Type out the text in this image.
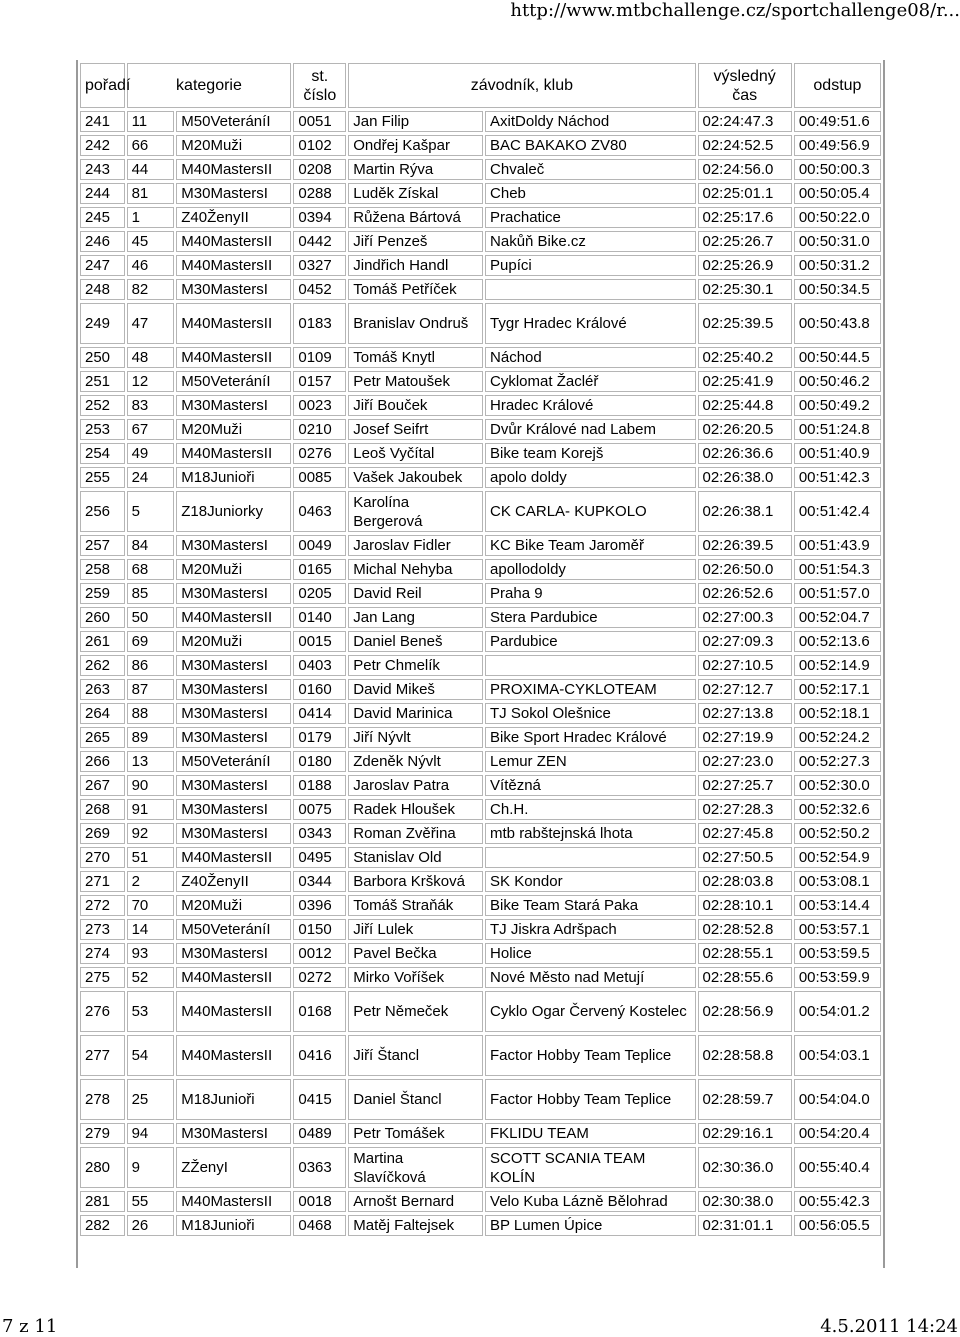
http://www.mtbchallenge.cz/sportchallenge08/r...
pořadí	kategorie		st. číslo	závodník, klub		výsledný čas	odstup
241	11	M50VeteráníI	0051	Jan Filip	AxitDoldy Náchod	02:24:47.3	00:49:51.6
242	66	M20Muži	0102	Ondřej Kašpar	BAC BAKAKO ZV80	02:24:52.5	00:49:56.9
243	44	M40MastersII	0208	Martin Rýva	Chvaleč	02:24:56.0	00:50:00.3
244	81	M30MastersI	0288	Luděk Získal	Cheb	02:25:01.1	00:50:05.4
245	1	Z40ŽenyII	0394	Růžena Bártová	Prachatice	02:25:17.6	00:50:22.0
246	45	M40MastersII	0442	Jiří Penzeš	Nakůň Bike.cz	02:25:26.7	00:50:31.0
247	46	M40MastersII	0327	Jindřich Handl	Pupíci	02:25:26.9	00:50:31.2
248	82	M30MastersI	0452	Tomáš Petříček		02:25:30.1	00:50:34.5
249	47	M40MastersII	0183	Branislav Ondruš	Tygr Hradec Králové	02:25:39.5	00:50:43.8
250	48	M40MastersII	0109	Tomáš Knytl	Náchod	02:25:40.2	00:50:44.5
251	12	M50VeteráníI	0157	Petr Matoušek	Cyklomat Žacléř	02:25:41.9	00:50:46.2
252	83	M30MastersI	0023	Jiří Bouček	Hradec Králové	02:25:44.8	00:50:49.2
253	67	M20Muži	0210	Josef Seifrt	Dvůr Králové nad Labem	02:26:20.5	00:51:24.8
254	49	M40MastersII	0276	Leoš Vyčítal	Bike team Korejš	02:26:36.6	00:51:40.9
255	24	M18Junioři	0085	Vašek Jakoubek	apolo doldy	02:26:38.0	00:51:42.3
256	5	Z18Juniorky	0463	Karolína Bergerová	CK CARLA- KUPKOLO	02:26:38.1	00:51:42.4
257	84	M30MastersI	0049	Jaroslav Fidler	KC Bike Team Jaroměř	02:26:39.5	00:51:43.9
258	68	M20Muži	0165	Michal Nehyba	apollodoldy	02:26:50.0	00:51:54.3
259	85	M30MastersI	0205	David Reil	Praha 9	02:26:52.6	00:51:57.0
260	50	M40MastersII	0140	Jan Lang	Stera Pardubice	02:27:00.3	00:52:04.7
261	69	M20Muži	0015	Daniel Beneš	Pardubice	02:27:09.3	00:52:13.6
262	86	M30MastersI	0403	Petr Chmelík		02:27:10.5	00:52:14.9
263	87	M30MastersI	0160	David Mikeš	PROXIMA-CYKLOTEAM	02:27:12.7	00:52:17.1
264	88	M30MastersI	0414	David Marinica	TJ Sokol Olešnice	02:27:13.8	00:52:18.1
265	89	M30MastersI	0179	Jiří Nývlt	Bike Sport Hradec Králové	02:27:19.9	00:52:24.2
266	13	M50VeteráníI	0180	Zdeněk Nývlt	Lemur ZEN	02:27:23.0	00:52:27.3
267	90	M30MastersI	0188	Jaroslav Patra	Vítězná	02:27:25.7	00:52:30.0
268	91	M30MastersI	0075	Radek Hloušek	Ch.H.	02:27:28.3	00:52:32.6
269	92	M30MastersI	0343	Roman Zvěřina	mtb rabštejnská lhota	02:27:45.8	00:52:50.2
270	51	M40MastersII	0495	Stanislav Old		02:27:50.5	00:52:54.9
271	2	Z40ŽenyII	0344	Barbora Kršková	SK Kondor	02:28:03.8	00:53:08.1
272	70	M20Muži	0396	Tomáš Straňák	Bike Team Stará Paka	02:28:10.1	00:53:14.4
273	14	M50VeteráníI	0150	Jiří Lulek	TJ Jiskra Adršpach	02:28:52.8	00:53:57.1
274	93	M30MastersI	0012	Pavel Bečka	Holice	02:28:55.1	00:53:59.5
275	52	M40MastersII	0272	Mirko Voříšek	Nové Město nad Metují	02:28:55.6	00:53:59.9
276	53	M40MastersII	0168	Petr Němeček	Cyklo Ogar Červený Kostelec	02:28:56.9	00:54:01.2
277	54	M40MastersII	0416	Jiří Štancl	Factor Hobby Team Teplice	02:28:58.8	00:54:03.1
278	25	M18Junioři	0415	Daniel Štancl	Factor Hobby Team Teplice	02:28:59.7	00:54:04.0
279	94	M30MastersI	0489	Petr Tomášek	FKLIDU TEAM	02:29:16.1	00:54:20.4
280	9	ZŽenyI	0363	Martina Slavíčková	SCOTT SCANIA TEAM KOLÍN	02:30:36.0	00:55:40.4
281	55	M40MastersII	0018	Arnošt Bernard	Velo Kuba Lázně Bělohrad	02:30:38.0	00:55:42.3
282	26	M18Junioři	0468	Matěj Faltejsek	BP Lumen Úpice	02:31:01.1	00:56:05.5
7 z 11	4.5.2011 14:24
